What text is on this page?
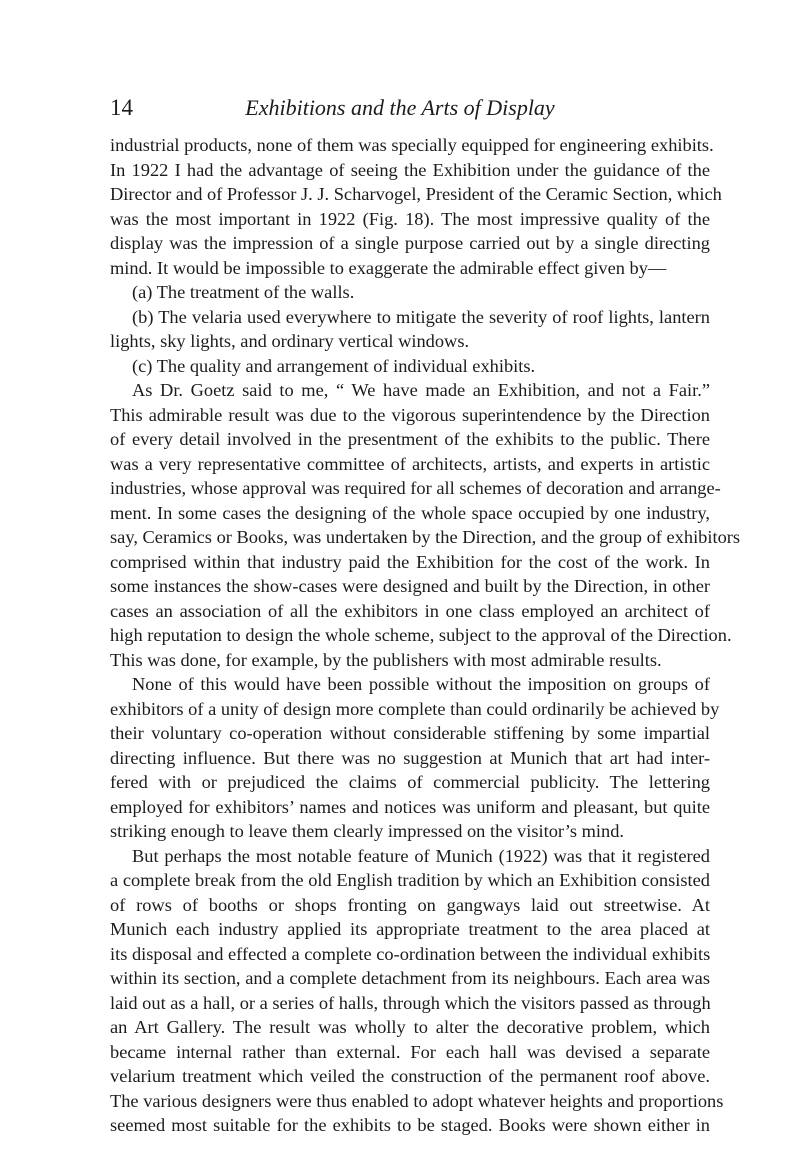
14	Exhibitions and the Arts of Display
industrial products, none of them was specially equipped for engineering exhibits.
In 1922 I had the advantage of seeing the Exhibition under the guidance of the
Director and of Professor J. J. Scharvogel, President of the Ceramic Section, which
was the most important in 1922 (Fig. 18). The most impressive quality of the
display was the impression of a single purpose carried out by a single directing
mind. It would be impossible to exaggerate the admirable effect given by—
(a) The treatment of the walls.
(b) The velaria used everywhere to mitigate the severity of roof lights, lantern
lights, sky lights, and ordinary vertical windows.
(c) The quality and arrangement of individual exhibits.
As Dr. Goetz said to me, “ We have made an Exhibition, and not a Fair.”
This admirable result was due to the vigorous superintendence by the Direction
of every detail involved in the presentment of the exhibits to the public. There
was a very representative committee of architects, artists, and experts in artistic
industries, whose approval was required for all schemes of decoration and arrange-
ment. In some cases the designing of the whole space occupied by one industry,
say, Ceramics or Books, was undertaken by the Direction, and the group of exhibitors
comprised within that industry paid the Exhibition for the cost of the work. In
some instances the show-cases were designed and built by the Direction, in other
cases an association of all the exhibitors in one class employed an architect of
high reputation to design the whole scheme, subject to the approval of the Direction.
This was done, for example, by the publishers with most admirable results.
None of this would have been possible without the imposition on groups of
exhibitors of a unity of design more complete than could ordinarily be achieved by
their voluntary co-operation without considerable stiffening by some impartial
directing influence. But there was no suggestion at Munich that art had inter-
fered with or prejudiced the claims of commercial publicity. The lettering
employed for exhibitors’ names and notices was uniform and pleasant, but quite
striking enough to leave them clearly impressed on the visitor’s mind.
But perhaps the most notable feature of Munich (1922) was that it registered
a complete break from the old English tradition by which an Exhibition consisted
of rows of booths or shops fronting on gangways laid out streetwise. At
Munich each industry applied its appropriate treatment to the area placed at
its disposal and effected a complete co-ordination between the individual exhibits
within its section, and a complete detachment from its neighbours. Each area was
laid out as a hall, or a series of halls, through which the visitors passed as through
an Art Gallery. The result was wholly to alter the decorative problem, which
became internal rather than external. For each hall was devised a separate
velarium treatment which veiled the construction of the permanent roof above.
The various designers were thus enabled to adopt whatever heights and proportions
seemed most suitable for the exhibits to be staged. Books were shown either in
